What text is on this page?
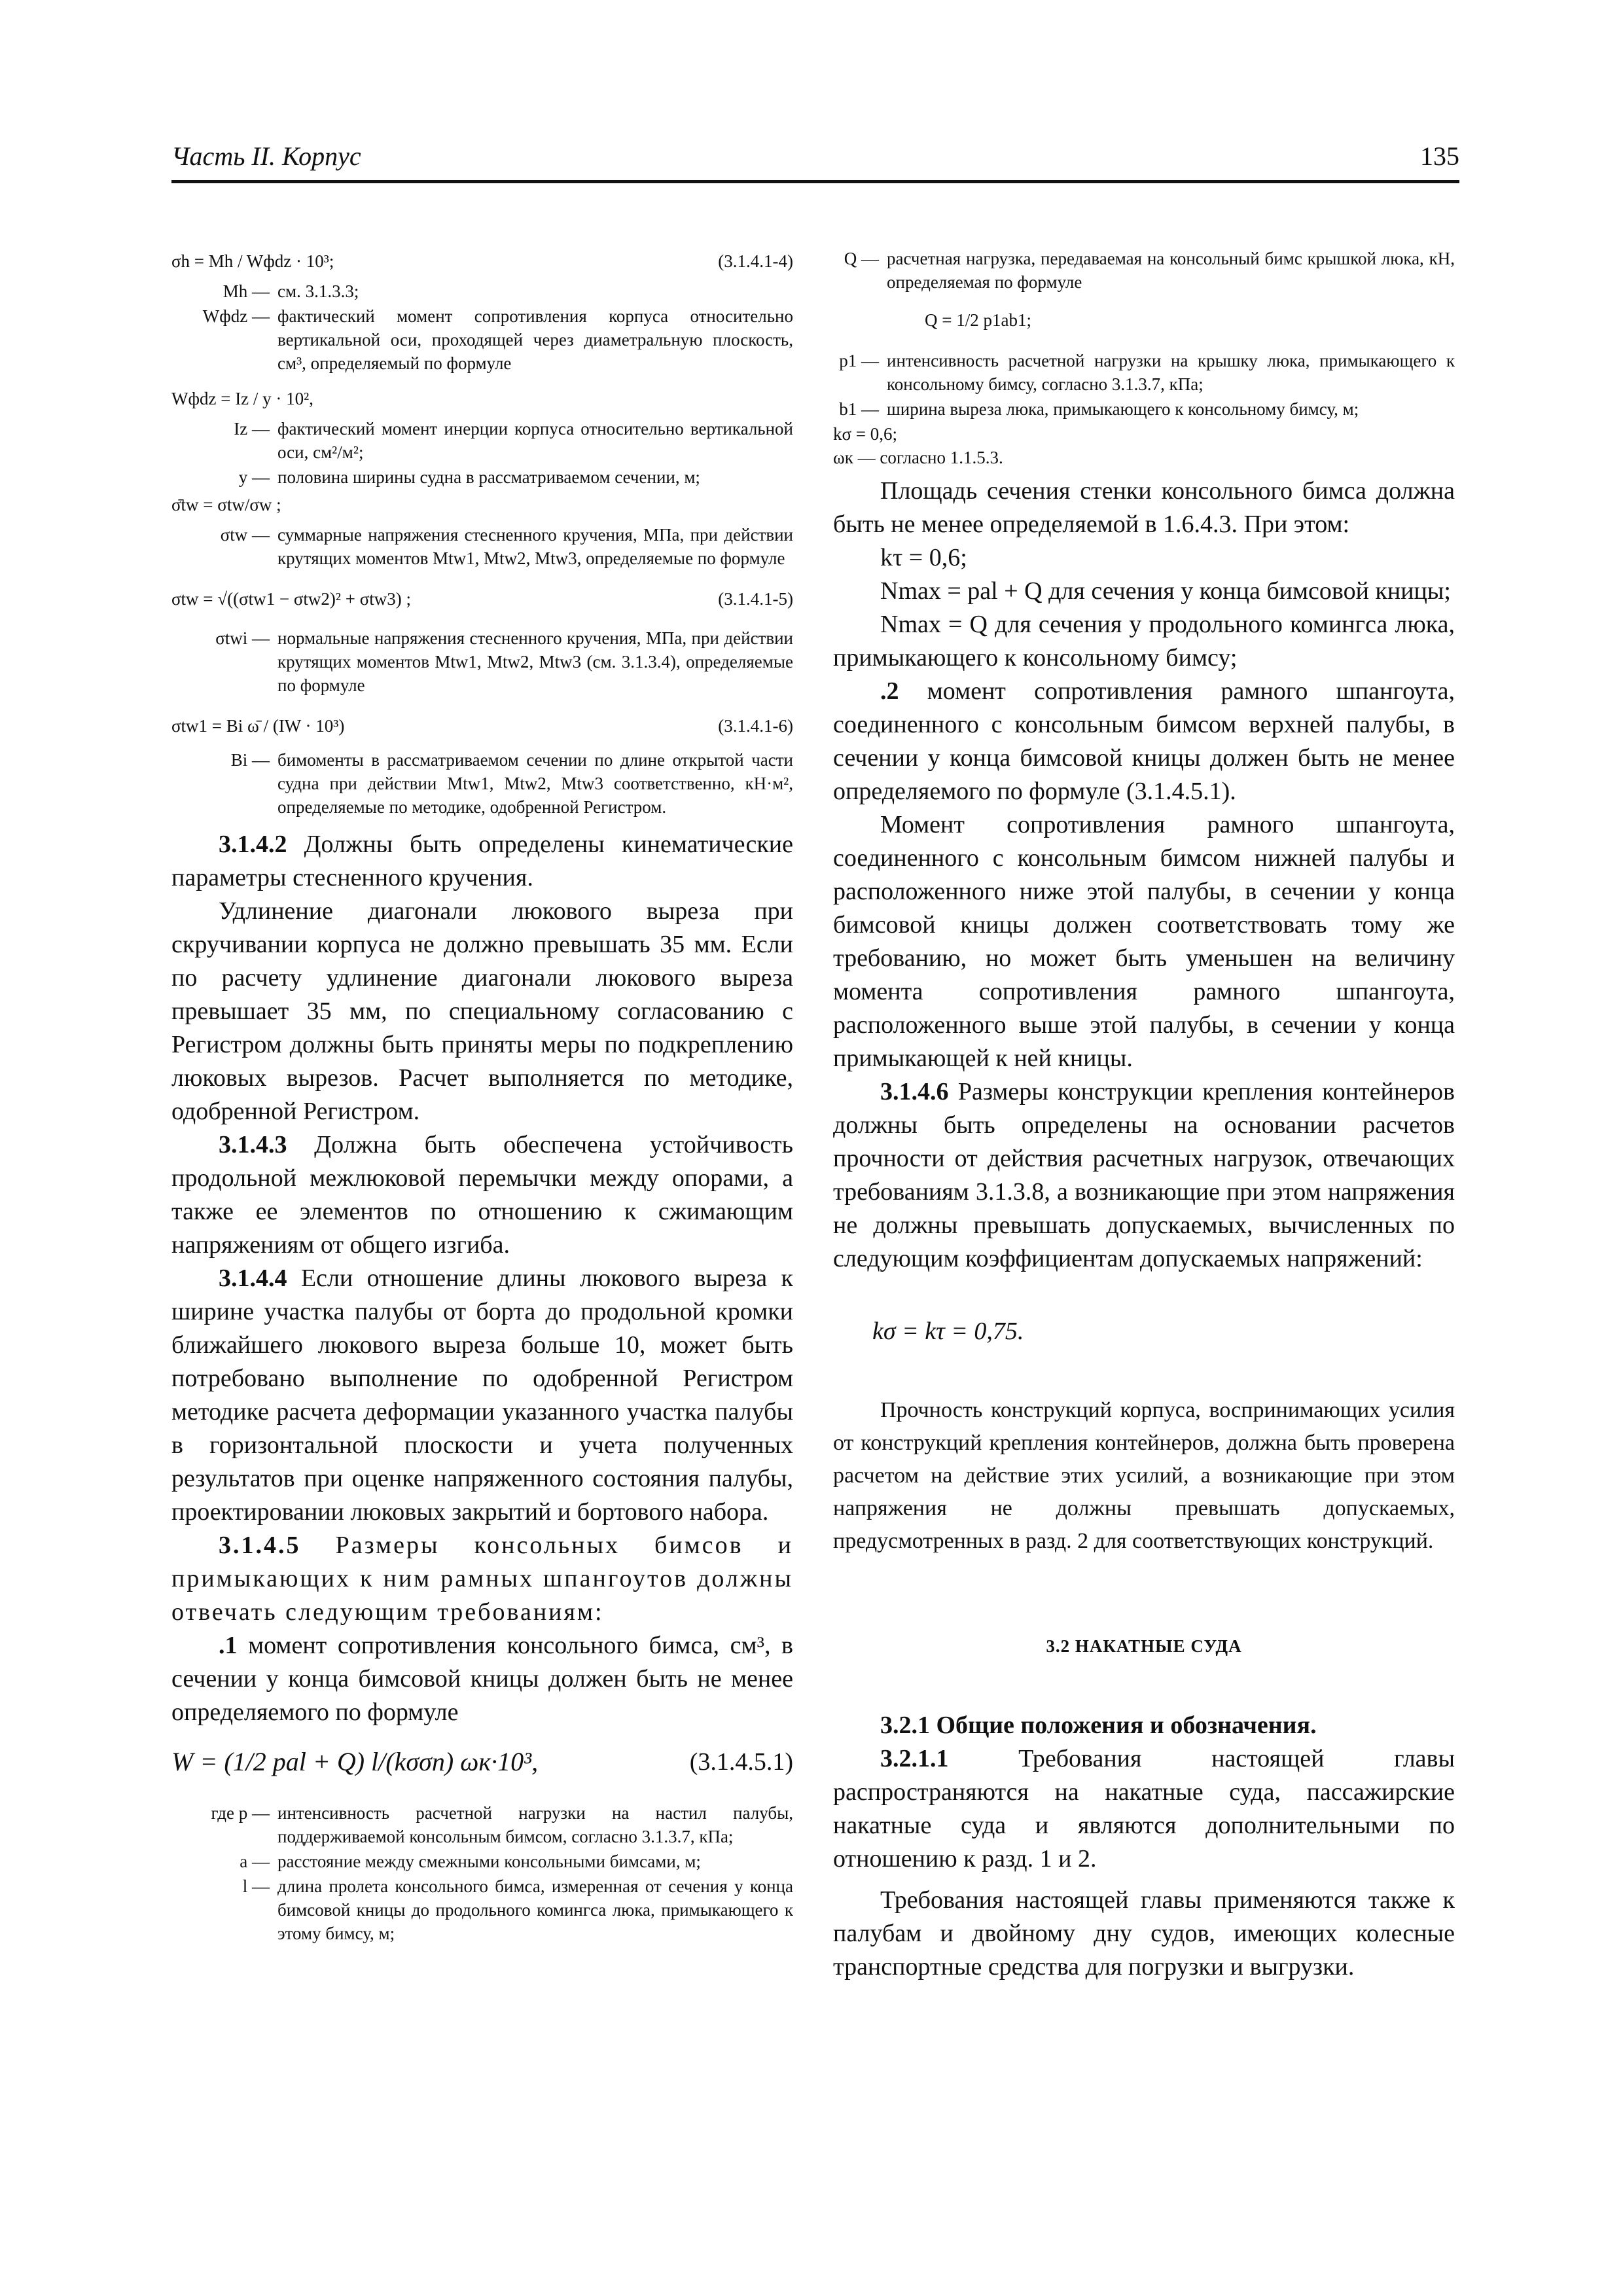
Часть II. Корпус	135
σh = Mh / Wфdz · 10³;	(3.1.4.1-4)
Mh — см. 3.1.3.3;
Wфdz — фактический момент сопротивления корпуса относительно вертикальной оси, проходящей через диаметральную плоскость, см³, определяемый по формуле
Wфdz = Iz / y · 10²,
Iz — фактический момент инерции корпуса относительно вертикальной оси, см²/м²;
y — половина ширины судна в рассматриваемом сечении, м;
σ̄tw = σtw/σw ;
σtw — суммарные напряжения стесненного кручения, МПа, при действии крутящих моментов Mtw1, Mtw2, Mtw3, определяемые по формуле
σtw = √((σtw1 − σtw2)² + σtw3) ;	(3.1.4.1-5)
σtwi — нормальные напряжения стесненного кручения, МПа, при действии крутящих моментов Mtw1, Mtw2, Mtw3 (см. 3.1.3.4), определяемые по формуле
σtw1 = Bi ω̄ / (IW · 10³)	(3.1.4.1-6)
Bi — бимоменты в рассматриваемом сечении по длине открытой части судна при действии Mtw1, Mtw2, Mtw3 соответственно, кН·м², определяемые по методике, одобренной Регистром.

3.1.4.2 Должны быть определены кинематические параметры стесненного кручения.

Удлинение диагонали люкового выреза при скручивании корпуса не должно превышать 35 мм. Если по расчету удлинение диагонали люкового выреза превышает 35 мм, по специальному согласованию с Регистром должны быть приняты меры по подкреплению люковых вырезов. Расчет выполняется по методике, одобренной Регистром.

3.1.4.3 Должна быть обеспечена устойчивость продольной межлюковой перемычки между опорами, а также ее элементов по отношению к сжимающим напряжениям от общего изгиба.

3.1.4.4 Если отношение длины люкового выреза к ширине участка палубы от борта до продольной кромки ближайшего люкового выреза больше 10, может быть потребовано выполнение по одобренной Регистром методике расчета деформации указанного участка палубы в горизонтальной плоскости и учета полученных результатов при оценке напряженного состояния палубы, проектировании люковых закрытий и бортового набора.

3.1.4.5 Размеры консольных бимсов и примыкающих к ним рамных шпангоутов должны отвечать следующим требованиям:

.1 момент сопротивления консольного бимса, см³, в сечении у конца бимсовой кницы должен быть не менее определяемого по формуле

W = (1/2 pal + Q) l/(kσσn) ωк·10³,	(3.1.4.5.1)
где p — интенсивность расчетной нагрузки на настил палубы, поддерживаемой консольным бимсом, согласно 3.1.3.7, кПа;
a — расстояние между смежными консольными бимсами, м;
l — длина пролета консольного бимса, измеренная от сечения у конца бимсовой кницы до продольного комингса люка, примыкающего к этому бимсу, м;
Q — расчетная нагрузка, передаваемая на консольный бимс крышкой люка, кН, определяемая по формуле
Q = 1/2 p1ab1;
p1 — интенсивность расчетной нагрузки на крышку люка, примыкающего к консольному бимсу, согласно 3.1.3.7, кПа;
b1 — ширина выреза люка, примыкающего к консольному бимсу, м;
kσ = 0,6;
ωк — согласно 1.1.5.3.

Площадь сечения стенки консольного бимса должна быть не менее определяемой в 1.6.4.3. При этом:

kτ = 0,6;

Nmax = pal + Q для сечения у конца бимсовой кницы;

Nmax = Q для сечения у продольного комингса люка, примыкающего к консольному бимсу;

.2 момент сопротивления рамного шпангоута, соединенного с консольным бимсом верхней палубы, в сечении у конца бимсовой кницы должен быть не менее определяемого по формуле (3.1.4.5.1).

Момент сопротивления рамного шпангоута, соединенного с консольным бимсом нижней палубы и расположенного ниже этой палубы, в сечении у конца бимсовой кницы должен соответствовать тому же требованию, но может быть уменьшен на величину момента сопротивления рамного шпангоута, расположенного выше этой палубы, в сечении у конца примыкающей к ней кницы.

3.1.4.6 Размеры конструкции крепления контейнеров должны быть определены на основании расчетов прочности от действия расчетных нагрузок, отвечающих требованиям 3.1.3.8, а возникающие при этом напряжения не должны превышать допускаемых, вычисленных по следующим коэффициентам допускаемых напряжений:

kσ = kτ = 0,75.

Прочность конструкций корпуса, воспринимающих усилия от конструкций крепления контейнеров, должна быть проверена расчетом на действие этих усилий, а возникающие при этом напряжения не должны превышать допускаемых, предусмотренных в разд. 2 для соответствующих конструкций.

3.2 НАКАТНЫЕ СУДА

3.2.1 Общие положения и обозначения.

3.2.1.1 Требования настоящей главы распространяются на накатные суда, пассажирские накатные суда и являются дополнительными по отношению к разд. 1 и 2.

Требования настоящей главы применяются также к палубам и двойному дну судов, имеющих колесные транспортные средства для погрузки и выгрузки.
